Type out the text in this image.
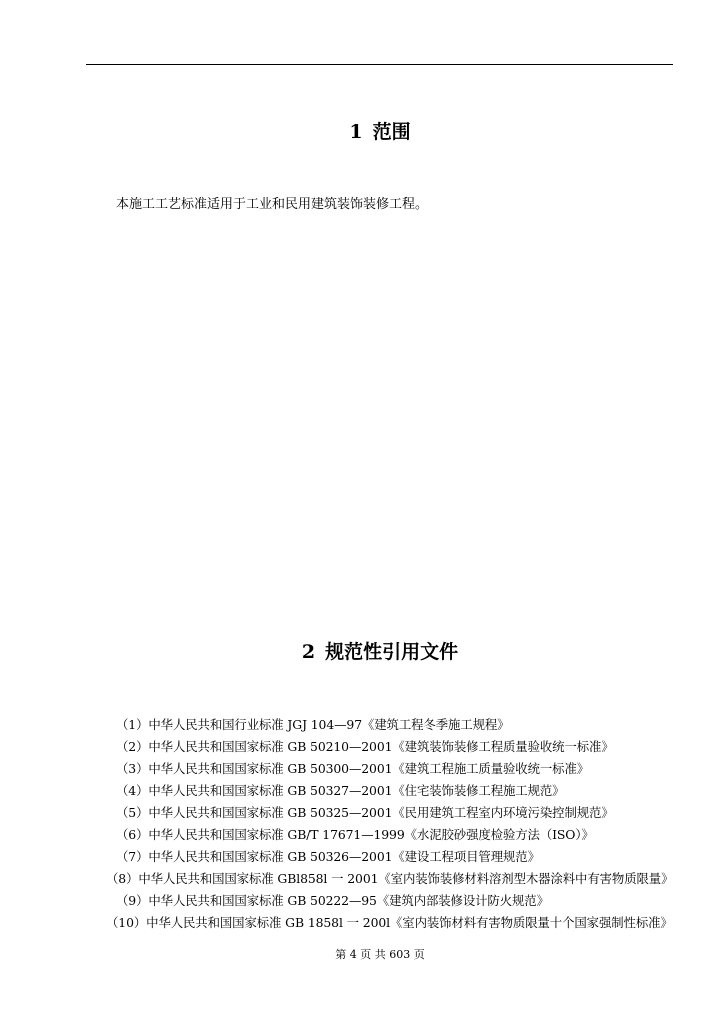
1 范围

本施工工艺标准适用于工业和民用建筑装饰装修工程。

2 规范性引用文件
（1）中华人民共和国行业标准 JGJ 104—97《建筑工程冬季施工规程》
（2）中华人民共和国国家标准 GB 50210—2001《建筑装饰装修工程质量验收统一标准》
（3）中华人民共和国国家标准 GB 50300—2001《建筑工程施工质量验收统一标准》
（4）中华人民共和国国家标准 GB 50327—2001《住宅装饰装修工程施工规范》
（5）中华人民共和国国家标准 GB 50325—2001《民用建筑工程室内环境污染控制规范》
（6）中华人民共和国国家标准 GB/T 17671—1999《水泥胶砂强度检验方法（ISO）》
（7）中华人民共和国国家标准 GB 50326—2001《建设工程项目管理规范》
（8）中华人民共和国国家标准 GBl858l 一 2001《室内装饰装修材料溶剂型木器涂料中有害物质限量》
（9）中华人民共和国国家标准 GB 50222—95《建筑内部装修设计防火规范》
（10）中华人民共和国国家标准 GB 1858l 一 200l《室内装饰材料有害物质限量十个国家强制性标准》

第 4 页 共 603 页
